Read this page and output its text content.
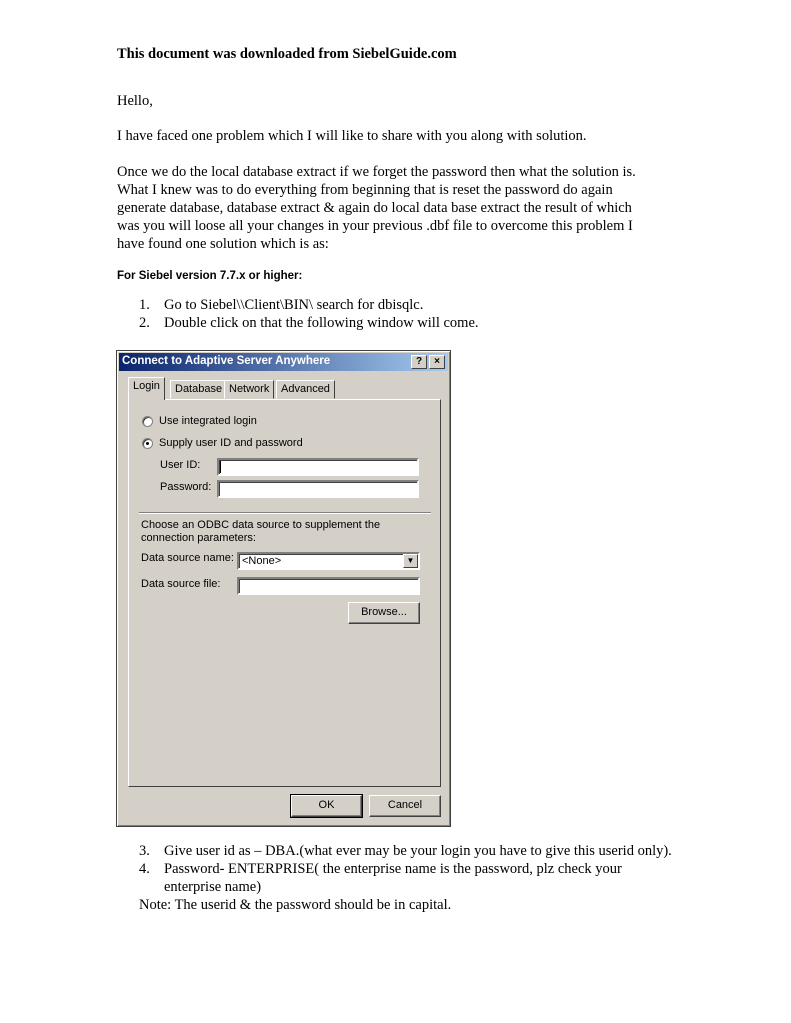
This document was downloaded from SiebelGuide.com
Hello,
I have faced one problem which I will like to share with you along with solution.
Once we do the local database extract if we forget the password then what the solution is.
What I knew was to do everything from beginning that is reset the password do again
generate database, database extract & again do local data base extract the result of which
was you will loose all your changes in your previous .dbf file to overcome this problem I
have found one solution which is as:
For Siebel version 7.7.x or higher:
1. Go to Siebel\\Client\BIN\ search for dbisqlc.
2. Double click on that the following window will come.
Connect to Adaptive Server Anywhere	?	×
Login	Database Network	Advanced
Use integrated login
Supply user ID and password
User ID:
Password:
Choose an ODBC data source to supplement the
connection parameters:
Data source name: <None>	▼
Data source file:
Browse...
OK	Cancel
3. Give user id as – DBA.(what ever may be your login you have to give this userid only).
4. Password- ENTERPRISE( the enterprise name is the password, plz check your
enterprise name)
Note: The userid & the password should be in capital.
